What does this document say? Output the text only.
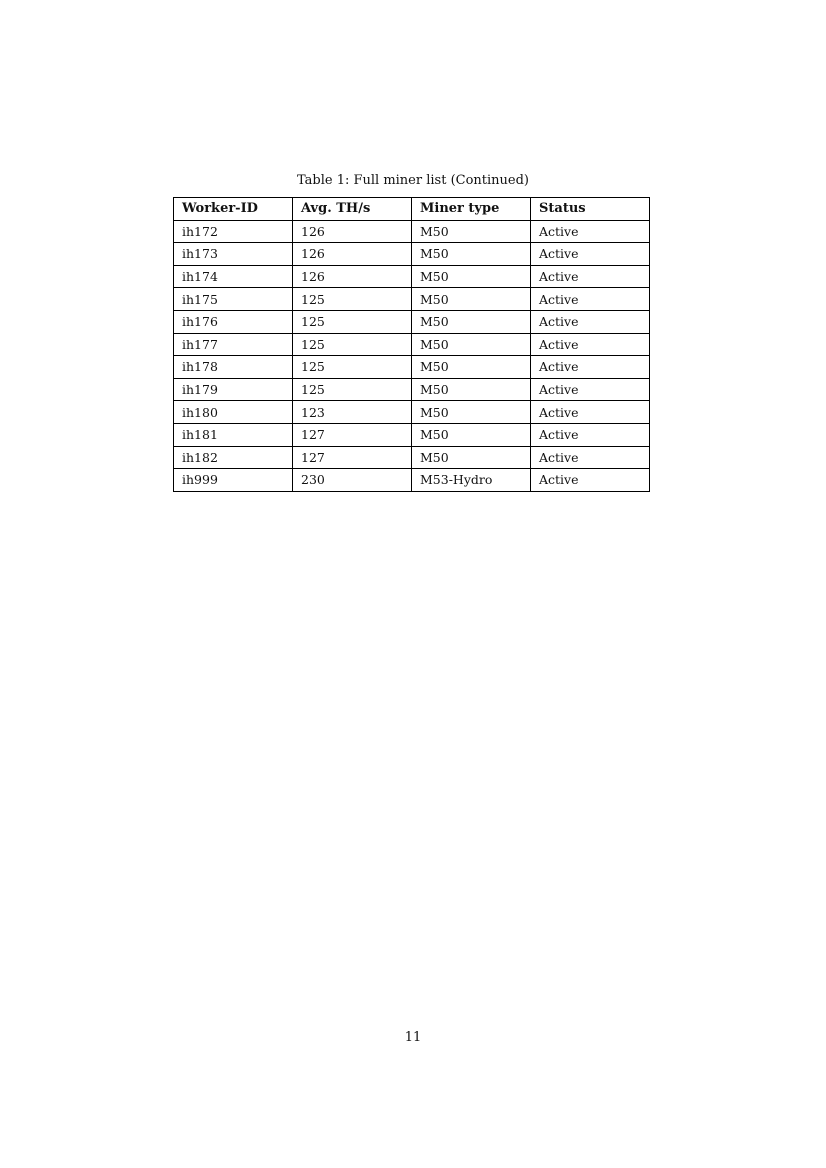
Table 1: Full miner list (Continued)
Worker-ID	Avg. TH/s	Miner type	Status
ih172	126	M50	Active
ih173	126	M50	Active
ih174	126	M50	Active
ih175	125	M50	Active
ih176	125	M50	Active
ih177	125	M50	Active
ih178	125	M50	Active
ih179	125	M50	Active
ih180	123	M50	Active
ih181	127	M50	Active
ih182	127	M50	Active
ih999	230	M53-Hydro	Active
11
